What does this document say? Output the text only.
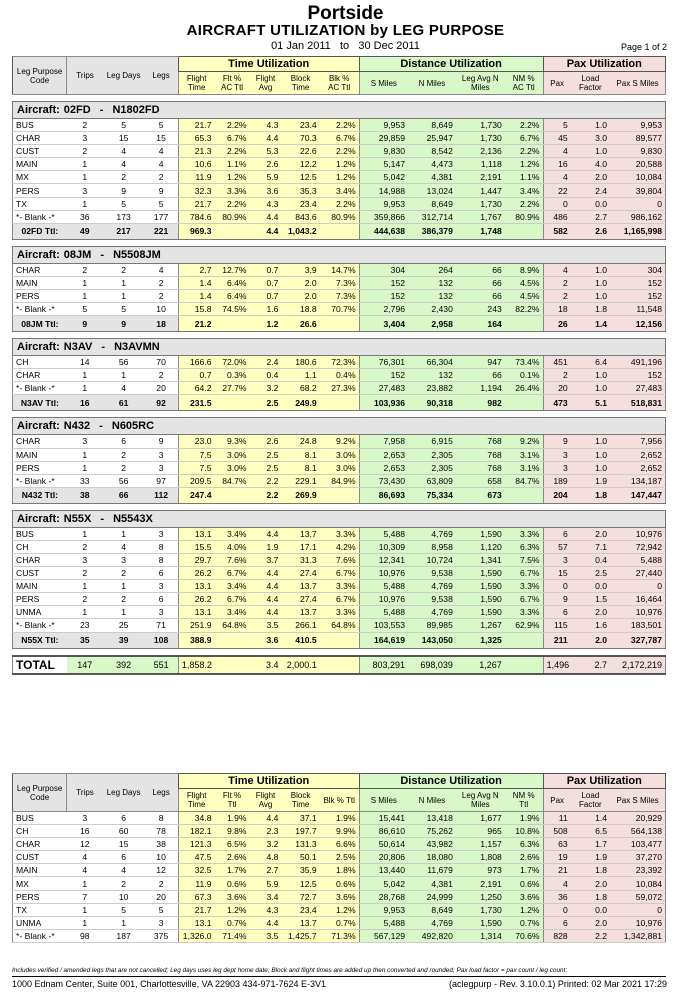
Portside
AIRCRAFT UTILIZATION by LEG PURPOSE
01 Jan 2011 to 30 Dec 2011	Page 1 of 2
Leg Purpose Code	Trips	Leg Days	Legs	Time Utilization					Distance Utilization				Pax Utilization		
				Flight Time	Flt % AC Ttl	Flight Avg	Block Time	Blk % AC Ttl	S Miles	N Miles	Leg Avg N Miles	NM % AC Ttl	Pax	Load Factor	Pax S Miles

Aircraft: 02FD - N1802FD															
BUS	2	5	5	21.7	2.2%	4.3	23.4	2.2%	9,953	8,649	1,730	2.2%	5	1.0	9,953
CHAR	3	15	15	65.3	6.7%	4.4	70.3	6.7%	29,859	25,947	1,730	6.7%	45	3.0	89,577
CUST	2	4	4	21.3	2.2%	5.3	22.6	2.2%	9,830	8,542	2,136	2.2%	4	1.0	9,830
MAIN	1	4	4	10.6	1.1%	2.6	12.2	1.2%	5,147	4,473	1,118	1.2%	16	4.0	20,588
MX	1	2	2	11.9	1.2%	5.9	12.5	1.2%	5,042	4,381	2,191	1.1%	4	2.0	10,084
PERS	3	9	9	32.3	3.3%	3.6	35.3	3.4%	14,988	13,024	1,447	3.4%	22	2.4	39,804
TX	1	5	5	21.7	2.2%	4.3	23.4	2.2%	9,953	8,649	1,730	2.2%	0	0.0	0
*- Blank -*	36	173	177	784.6	80.9%	4.4	843.6	80.9%	359,866	312,714	1,767	80.9%	486	2.7	986,162
02FD Ttl:	49	217	221	969.3		4.4	1,043.2		444,638	386,379	1,748		582	2.6	1,165,998

Aircraft: 08JM - N5508JM															
CHAR	2	2	4	2.7	12.7%	0.7	3.9	14.7%	304	264	66	8.9%	4	1.0	304
MAIN	1	1	2	1.4	6.4%	0.7	2.0	7.3%	152	132	66	4.5%	2	1.0	152
PERS	1	1	2	1.4	6.4%	0.7	2.0	7.3%	152	132	66	4.5%	2	1.0	152
*- Blank -*	5	5	10	15.8	74.5%	1.6	18.8	70.7%	2,796	2,430	243	82.2%	18	1.8	11,548
08JM Ttl:	9	9	18	21.2		1.2	26.6		3,404	2,958	164		26	1.4	12,156

Aircraft: N3AV - N3AVMN															
CH	14	56	70	166.6	72.0%	2.4	180.6	72.3%	76,301	66,304	947	73.4%	451	6.4	491,196
CHAR	1	1	2	0.7	0.3%	0.4	1.1	0.4%	152	132	66	0.1%	2	1.0	152
*- Blank -*	1	4	20	64.2	27.7%	3.2	68.2	27.3%	27,483	23,882	1,194	26.4%	20	1.0	27,483
N3AV Ttl:	16	61	92	231.5		2.5	249.9		103,936	90,318	982		473	5.1	518,831

Aircraft: N432 - N605RC															
CHAR	3	6	9	23.0	9.3%	2.6	24.8	9.2%	7,958	6,915	768	9.2%	9	1.0	7,956
MAIN	1	2	3	7.5	3.0%	2.5	8.1	3.0%	2,653	2,305	768	3.1%	3	1.0	2,652
PERS	1	2	3	7.5	3.0%	2.5	8.1	3.0%	2,653	2,305	768	3.1%	3	1.0	2,652
*- Blank -*	33	56	97	209.5	84.7%	2.2	229.1	84.9%	73,430	63,809	658	84.7%	189	1.9	134,187
N432 Ttl:	38	66	112	247.4		2.2	269.9		86,693	75,334	673		204	1.8	147,447

Aircraft: N55X - N5543X															
BUS	1	1	3	13.1	3.4%	4.4	13.7	3.3%	5,488	4,769	1,590	3.3%	6	2.0	10,976
CH	2	4	8	15.5	4.0%	1.9	17.1	4.2%	10,309	8,958	1,120	6.3%	57	7.1	72,942
CHAR	3	3	8	29.7	7.6%	3.7	31.3	7.6%	12,341	10,724	1,341	7.5%	3	0.4	5,488
CUST	2	2	6	26.2	6.7%	4.4	27.4	6.7%	10,976	9,538	1,590	6.7%	15	2.5	27,440
MAIN	1	1	3	13.1	3.4%	4.4	13.7	3.3%	5,488	4,769	1,590	3.3%	0	0.0	0
PERS	2	2	6	26.2	6.7%	4.4	27.4	6.7%	10,976	9,538	1,590	6.7%	9	1.5	16,464
UNMA	1	1	3	13.1	3.4%	4.4	13.7	3.3%	5,488	4,769	1,590	3.3%	6	2.0	10,976
*- Blank -*	23	25	71	251.9	64.8%	3.5	266.1	64.8%	103,553	89,985	1,267	62.9%	115	1.6	183,501
N55X Ttl:	35	39	108	388.9		3.6	410.5		164,619	143,050	1,325		211	2.0	327,787

TOTAL	147	392	551	1,858.2		3.4	2,000.1		803,291	698,039	1,267		1,496	2.7	2,172,219
Leg Purpose Code	Trips	Leg Days	Legs	Time Utilization					Distance Utilization				Pax Utilization		
				Flight Time	Flt % Ttl	Flight Avg	Block Time	Blk % Ttl	S Miles	N Miles	Leg Avg N Miles	NM % Ttl	Pax	Load Factor	Pax S Miles
BUS	3	6	8	34.8	1.9%	4.4	37.1	1.9%	15,441	13,418	1,677	1.9%	11	1.4	20,929
CH	16	60	78	182.1	9.8%	2.3	197.7	9.9%	86,610	75,262	965	10.8%	508	6.5	564,138
CHAR	12	15	38	121.3	6.5%	3.2	131.3	6.6%	50,614	43,982	1,157	6.3%	63	1.7	103,477
CUST	4	6	10	47.5	2.6%	4.8	50.1	2.5%	20,806	18,080	1,808	2.6%	19	1.9	37,270
MAIN	4	4	12	32.5	1.7%	2.7	35.9	1.8%	13,440	11,679	973	1.7%	21	1.8	23,392
MX	1	2	2	11.9	0.6%	5.9	12.5	0.6%	5,042	4,381	2,191	0.6%	4	2.0	10,084
PERS	7	10	20	67.3	3.6%	3.4	72.7	3.6%	28,768	24,999	1,250	3.6%	36	1.8	59,072
TX	1	5	5	21.7	1.2%	4.3	23.4	1.2%	9,953	8,649	1,730	1.2%	0	0.0	0
UNMA	1	1	3	13.1	0.7%	4.4	13.7	0.7%	5,488	4,769	1,590	0.7%	6	2.0	10,976
*- Blank -*	98	187	375	1,326.0	71.4%	3.5	1,425.7	71.3%	567,129	492,820	1,314	70.6%	828	2.2	1,342,881
Includes verified / amended legs that are not cancelled; Leg days uses leg dept home date; Block and flight times are added up then converted and rounded; Pax load factor = pax count / leg count;
1000 Ednam Center, Suite 001, Charlottesville, VA 22903 434-971-7624 E-3V1	(aclegpurp - Rev. 3.10.0.1) Printed: 02 Mar 2021 17:29
